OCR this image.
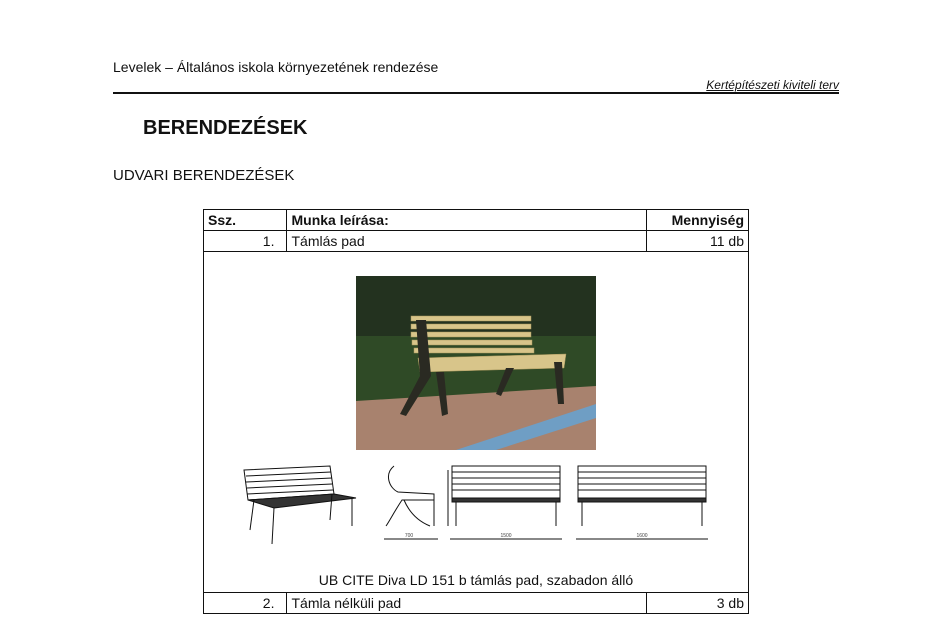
Levelek – Általános iskola környezetének rendezése
Kertépítészeti kiviteli terv
BERENDEZÉSEK
UDVARI BERENDEZÉSEK
Ssz.	Munka leírása:	Mennyiség
1.	Támlás pad	11 db

700 1500 1600
UB CITE Diva LD 151 b támlás pad, szabadon álló		

2.	Támla nélküli pad	3 db
